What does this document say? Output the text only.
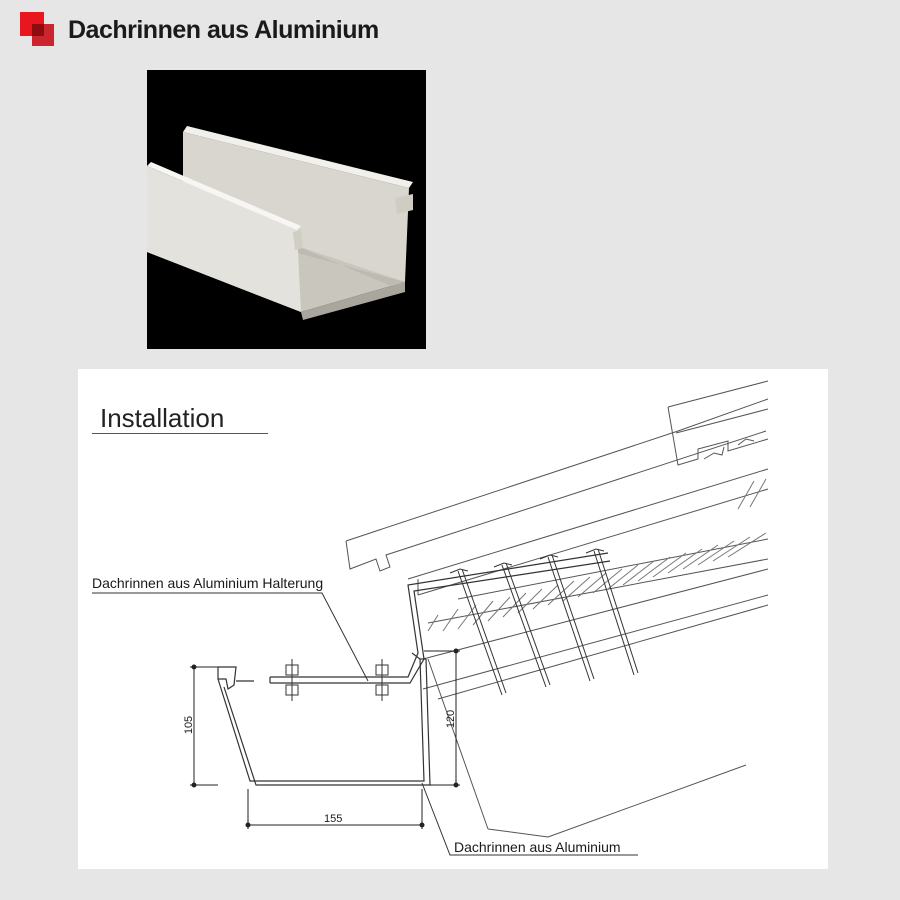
Dachrinnen aus Aluminium
Installation
Dachrinnen aus Aluminium Halterung
Dachrinnen aus Aluminium
105	120
155
